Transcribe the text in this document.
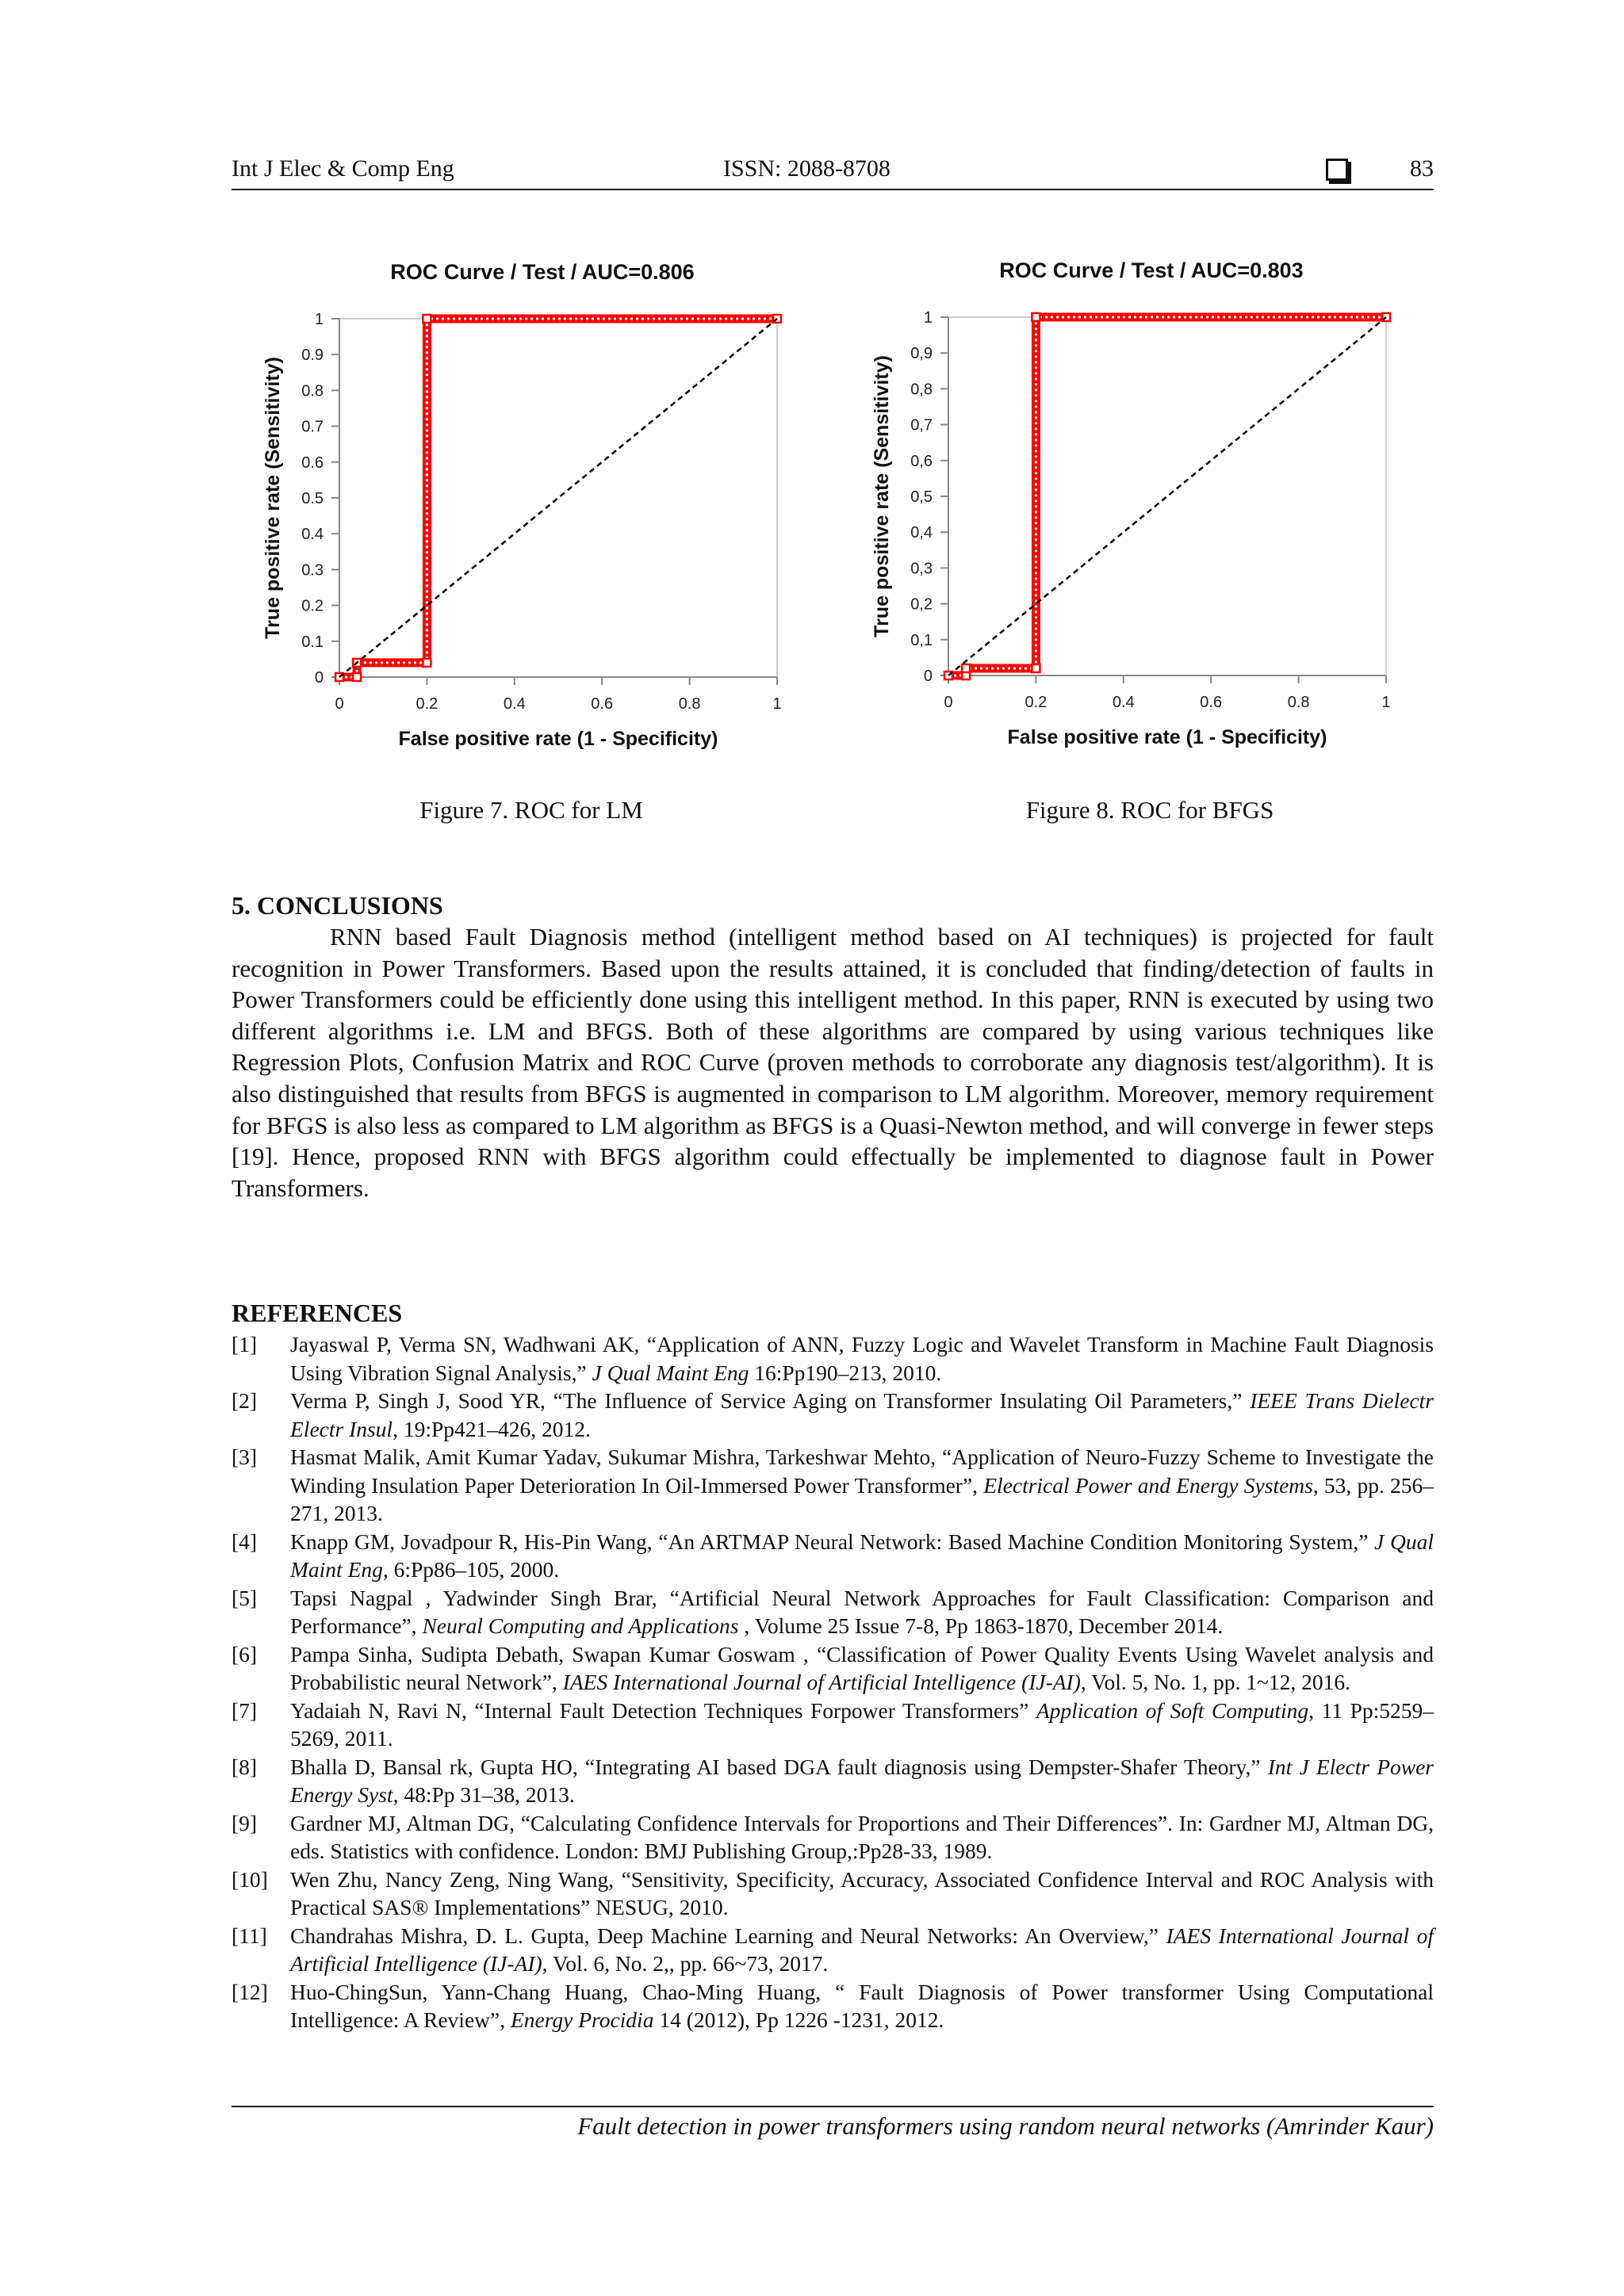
Int J Elec & Comp Eng	ISSN: 2088-8708	83
ROC Curve / Test / AUC=0.806
0
0.1
0.2
0.3
0.4
0.5
0.6
0.7
0.8
0.9
1
0	0.2	0.4	0.6	0.8	1
False positive rate (1 - Specificity)
True positive rate (Sensitivity)
ROC Curve / Test / AUC=0.803
0
0,1
0,2
0,3
0,4
0,5
0,6
0,7
0,8
0,9
1
0	0.2	0.4	0.6	0.8	1
False positive rate (1 - Specificity)
True positive rate (Sensitivity)
Figure 7. ROC for LM	Figure 8. ROC for BFGS
5. CONCLUSIONS

RNN based Fault Diagnosis method (intelligent method based on AI techniques) is projected for fault recognition in Power Transformers. Based upon the results attained, it is concluded that finding/detection of faults in Power Transformers could be efficiently done using this intelligent method. In this paper, RNN is executed by using two different algorithms i.e. LM and BFGS. Both of these algorithms are compared by using various techniques like Regression Plots, Confusion Matrix and ROC Curve (proven methods to corroborate any diagnosis test/algorithm). It is also distinguished that results from BFGS is augmented in comparison to LM algorithm. Moreover, memory requirement for BFGS is also less as compared to LM algorithm as BFGS is a Quasi-Newton method, and will converge in fewer steps [19]. Hence, proposed RNN with BFGS algorithm could effectually be implemented to diagnose fault in Power Transformers.

REFERENCES
[1]	Jayaswal P, Verma SN, Wadhwani AK, “Application of ANN, Fuzzy Logic and Wavelet Transform in Machine Fault Diagnosis Using Vibration Signal Analysis,” J Qual Maint Eng 16:Pp190–213, 2010.
[2]	Verma P, Singh J, Sood YR, “The Influence of Service Aging on Transformer Insulating Oil Parameters,” IEEE Trans Dielectr Electr Insul, 19:Pp421–426, 2012.
[3]	Hasmat Malik, Amit Kumar Yadav, Sukumar Mishra, Tarkeshwar Mehto, “Application of Neuro-Fuzzy Scheme to Investigate the Winding Insulation Paper Deterioration In Oil-Immersed Power Transformer”, Electrical Power and Energy Systems, 53, pp. 256–271, 2013.
[4]	Knapp GM, Jovadpour R, His-Pin Wang, “An ARTMAP Neural Network: Based Machine Condition Monitoring System,” J Qual Maint Eng, 6:Pp86–105, 2000.
[5]	Tapsi Nagpal , Yadwinder Singh Brar, “Artificial Neural Network Approaches for Fault Classification: Comparison and Performance”, Neural Computing and Applications , Volume 25 Issue 7-8, Pp 1863-1870, December 2014.
[6]	Pampa Sinha, Sudipta Debath, Swapan Kumar Goswam , “Classification of Power Quality Events Using Wavelet analysis and Probabilistic neural Network”, IAES International Journal of Artificial Intelligence (IJ-AI), Vol. 5, No. 1, pp. 1~12, 2016.
[7]	Yadaiah N, Ravi N, “Internal Fault Detection Techniques Forpower Transformers” Application of Soft Computing, 11 Pp:5259–5269, 2011.
[8]	Bhalla D, Bansal rk, Gupta HO, “Integrating AI based DGA fault diagnosis using Dempster-Shafer Theory,” Int J Electr Power Energy Syst, 48:Pp 31–38, 2013.
[9]	Gardner MJ, Altman DG, “Calculating Confidence Intervals for Proportions and Their Differences”. In: Gardner MJ, Altman DG, eds. Statistics with confidence. London: BMJ Publishing Group,:Pp28-33, 1989.
[10]	Wen Zhu, Nancy Zeng, Ning Wang, “Sensitivity, Specificity, Accuracy, Associated Confidence Interval and ROC Analysis with Practical SAS® Implementations” NESUG, 2010.
[11]	Chandrahas Mishra, D. L. Gupta, Deep Machine Learning and Neural Networks: An Overview,” IAES International Journal of Artificial Intelligence (IJ-AI), Vol. 6, No. 2,, pp. 66~73, 2017.
[12]	Huo-ChingSun, Yann-Chang Huang, Chao-Ming Huang, “ Fault Diagnosis of Power transformer Using Computational Intelligence: A Review”, Energy Procidia 14 (2012), Pp 1226 -1231, 2012.
Fault detection in power transformers using random neural networks (Amrinder Kaur)
